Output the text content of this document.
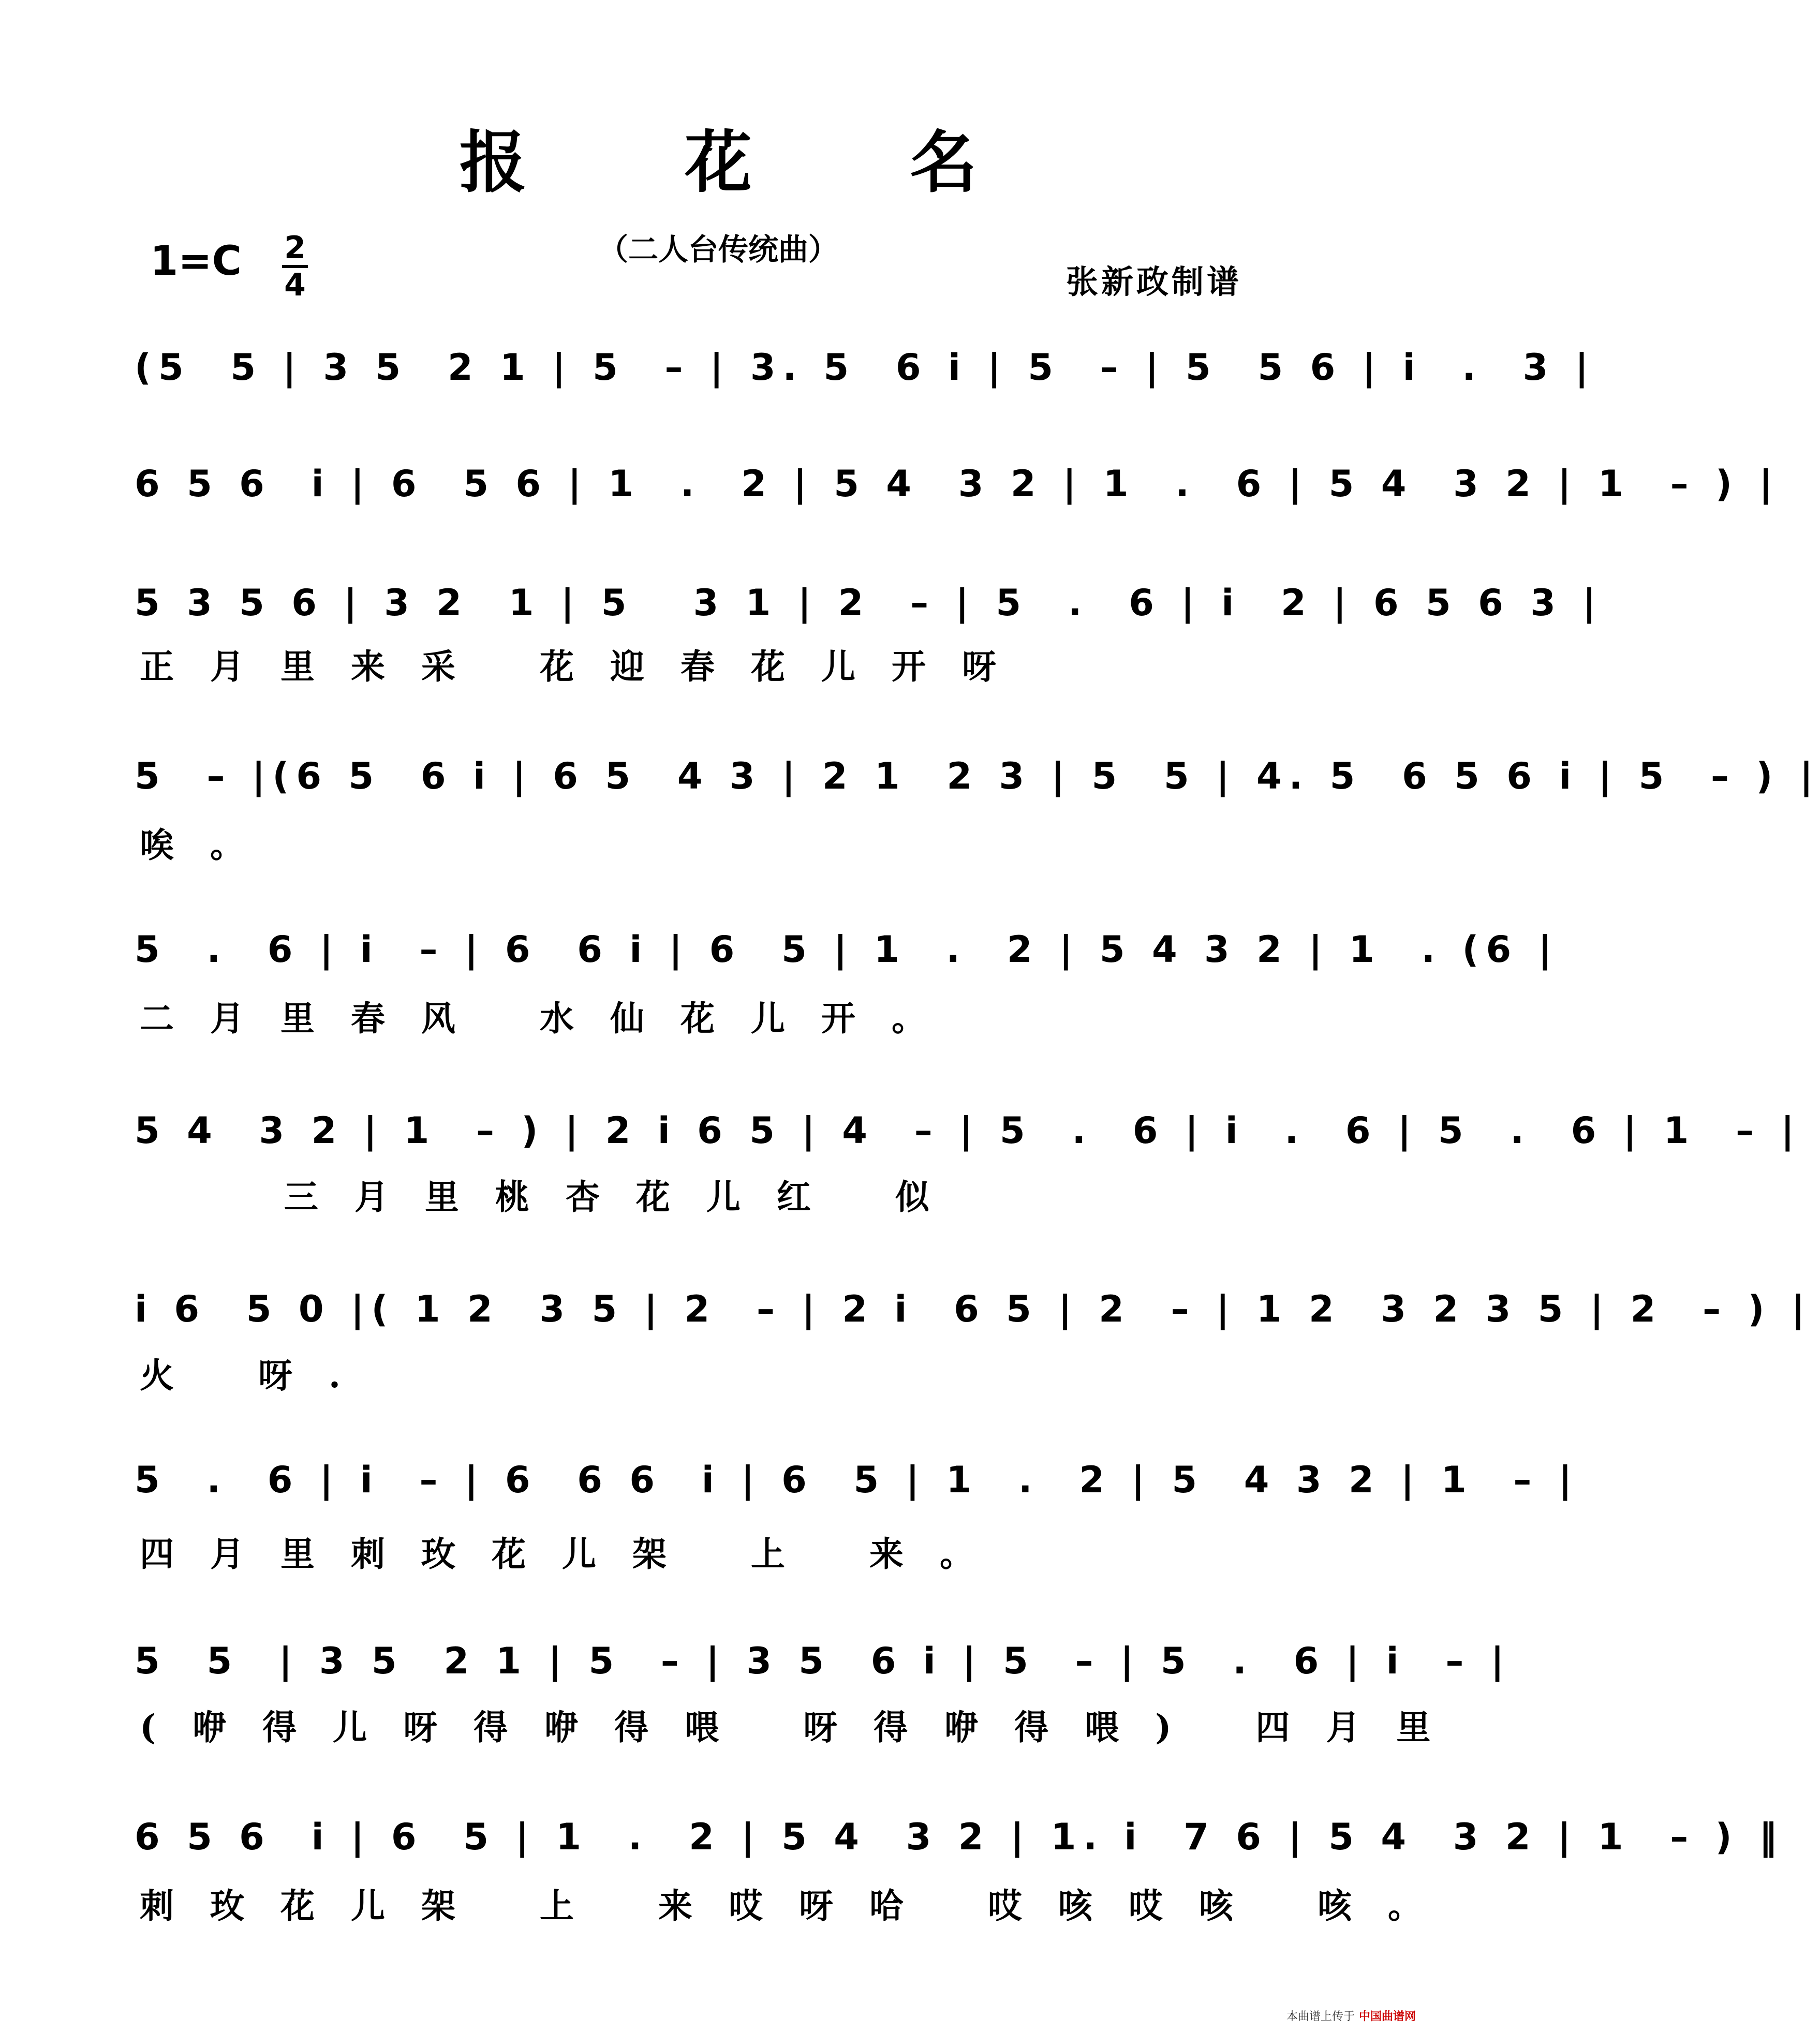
报 花 名
（二人台传统曲）
1=C 2
4	张新政制谱
(5  5 | 3 5  2 1 | 5  – | 3. 5  6 i | 5  – | 5  5 6 | i  .  3 |
6 5 6  i | 6  5 6 | 1  .  2 | 5 4  3 2 | 1  .  6 | 5 4  3 2 | 1  – ) |
5 3 5 6 | 3 2  1 | 5   3 1 | 2  – | 5  .  6 | i  2 | 6 5 6 3 |
正月里来采 花迎春花儿开呀
5  – |(6 5  6 i | 6 5  4 3 | 2 1  2 3 | 5  5 | 4. 5  6 5 6 i | 5  – ) |
唉。
5  .  6 | i  – | 6  6 i | 6  5 | 1  .  2 | 5 4 3 2 | 1  . (6 |
二月里春风 水仙花儿开。
5 4  3 2 | 1  – ) | 2 i 6 5 | 4  – | 5  .  6 | i  .  6 | 5  .  6 | 1  – |
三月里桃杏花儿红 似
i 6  5 0 |( 1 2  3 5 | 2  – | 2 i  6 5 | 2  – | 1 2  3 2 3 5 | 2  – ) |
火 呀.
5  .  6 | i  – | 6  6 6  i | 6  5 | 1  .  2 | 5  4 3 2 | 1  – |
四月里刺玫花儿架 上 来。
5  5  | 3 5  2 1 | 5  – | 3 5  6 i | 5  – | 5  .  6 | i  – |
(咿得儿呀得咿得喂 呀得咿得喂) 四月里
6 5 6  i | 6  5 | 1  .  2 | 5 4  3 2 | 1. i  7 6 | 5 4  3 2 | 1  – ) ‖
刺玫花儿架 上 来哎呀哈 哎咳哎咳 咳。
本曲谱上传于 中国曲谱网
